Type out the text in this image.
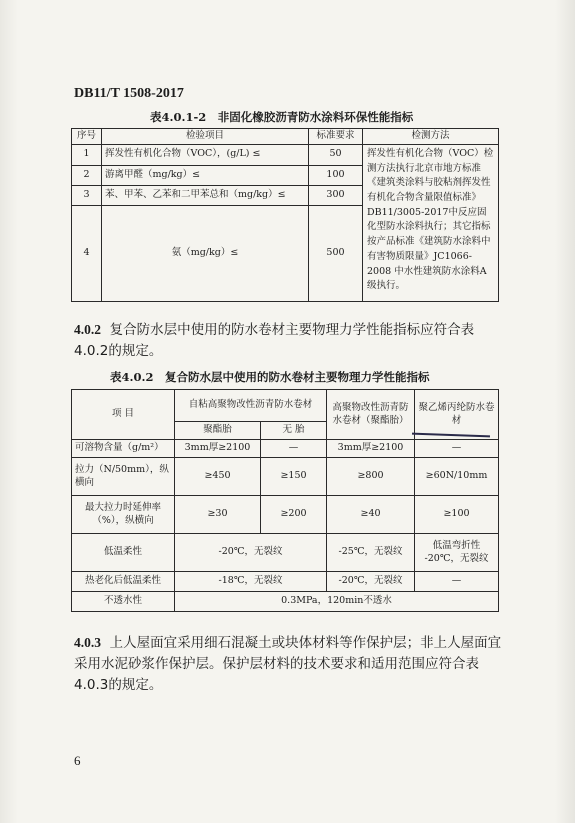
DB11/T 1508-2017
表4.0.1-2　非固化橡胶沥青防水涂料环保性能指标
序号	检验项目	标准要求	检测方法
1	挥发性有机化合物（VOC），(g/L) ≤	50	挥发性有机化合物（VOC）检测方法执行北京市地方标准《建筑类涂料与胶粘剂挥发性有机化合物含量限值标准》DB11/3005-2017中反应固化型防水涂料执行；其它指标按产品标准《建筑防水涂料中有害物质限量》JC1066-2008 中水性建筑防水涂料A级执行。
2	游离甲醛（mg/kg）≤	100	
3	苯、甲苯、乙苯和二甲苯总和（mg/kg）≤	300	
4	氨（mg/kg）≤	500	
4.0.2 复合防水层中使用的防水卷材主要物理力学性能指标应符合表4.0.2的规定。
表4.0.2　复合防水层中使用的防水卷材主要物理力学性能指标
项 目	自粘高聚物改性沥青防水卷材		高聚物改性沥青防水卷材（聚酯胎）	聚乙烯丙纶防水卷材
	聚酯胎	无 胎		
可溶物含量（g/m²）	3mm厚≥2100	—	3mm厚≥2100	—
拉力（N/50mm），纵横向	≥450	≥150	≥800	≥60N/10mm
最大拉力时延伸率（%），纵横向	≥30	≥200	≥40	≥100
低温柔性	-20℃，无裂纹		-25℃，无裂纹	低温弯折性 -20℃，无裂纹
热老化后低温柔性	-18℃，无裂纹		-20℃，无裂纹	—
不透水性	0.3MPa，120min不透水			
4.0.3 上人屋面宜采用细石混凝土或块体材料等作保护层；非上人屋面宜采用水泥砂浆作保护层。保护层材料的技术要求和适用范围应符合表4.0.3的规定。
6
